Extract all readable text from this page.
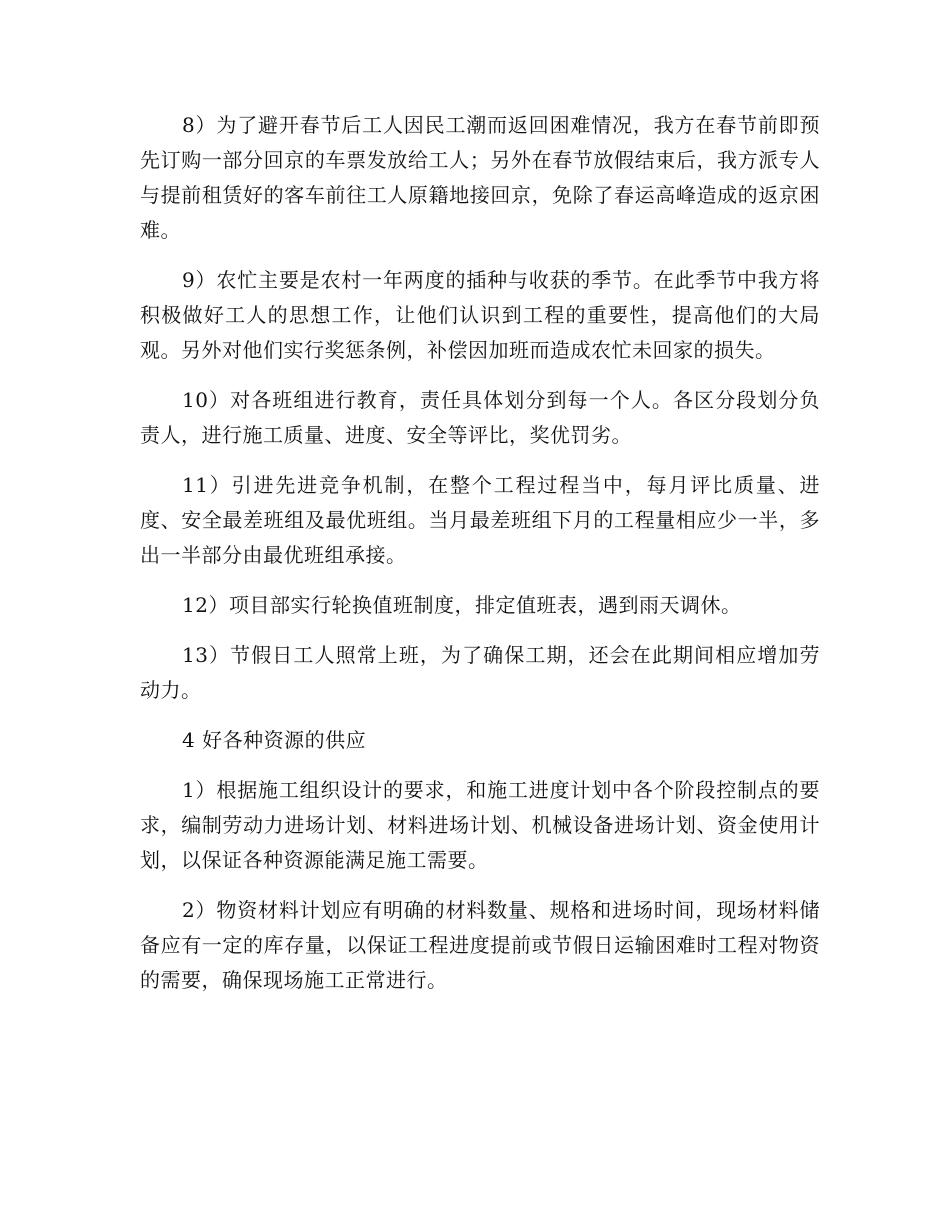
8）为了避开春节后工人因民工潮而返回困难情况，我方在春节前即预先订购一部分回京的车票发放给工人；另外在春节放假结束后，我方派专人与提前租赁好的客车前往工人原籍地接回京，免除了春运高峰造成的返京困难。

9）农忙主要是农村一年两度的插种与收获的季节。在此季节中我方将积极做好工人的思想工作，让他们认识到工程的重要性，提高他们的大局观。另外对他们实行奖惩条例，补偿因加班而造成农忙未回家的损失。

10）对各班组进行教育，责任具体划分到每一个人。各区分段划分负责人，进行施工质量、进度、安全等评比，奖优罚劣。

11）引进先进竞争机制，在整个工程过程当中，每月评比质量、进度、安全最差班组及最优班组。当月最差班组下月的工程量相应少一半，多出一半部分由最优班组承接。

12）项目部实行轮换值班制度，排定值班表，遇到雨天调休。

13）节假日工人照常上班，为了确保工期，还会在此期间相应增加劳动力。

4 好各种资源的供应

1）根据施工组织设计的要求，和施工进度计划中各个阶段控制点的要求，编制劳动力进场计划、材料进场计划、机械设备进场计划、资金使用计划，以保证各种资源能满足施工需要。

2）物资材料计划应有明确的材料数量、规格和进场时间，现场材料储备应有一定的库存量，以保证工程进度提前或节假日运输困难时工程对物资的需要，确保现场施工正常进行。
